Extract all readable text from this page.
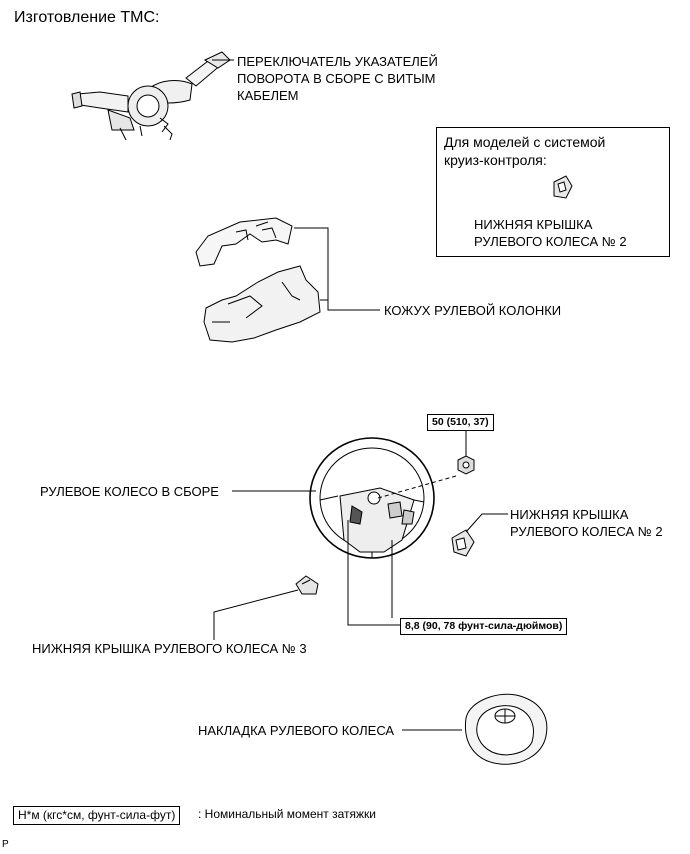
Изготовление TMC:
ПЕРЕКЛЮЧАТЕЛЬ УКАЗАТЕЛЕЙ
ПОВОРОТА В СБОРЕ С ВИТЫМ
КАБЕЛЕМ
Для моделей с системой
круиз-контроля:
НИЖНЯЯ КРЫШКА
РУЛЕВОГО КОЛЕСА № 2
КОЖУХ РУЛЕВОЙ КОЛОНКИ
50 (510, 37)
РУЛЕВОЕ КОЛЕСО В СБОРЕ
НИЖНЯЯ КРЫШКА
РУЛЕВОГО КОЛЕСА № 2
8,8 (90, 78 фунт-сила-дюймов)
НИЖНЯЯ КРЫШКА РУЛЕВОГО КОЛЕСА № 3
НАКЛАДКА РУЛЕВОГО КОЛЕСА
Н*м (кгс*см, фунт-сила-фут)	: Номинальный момент затяжки
P
